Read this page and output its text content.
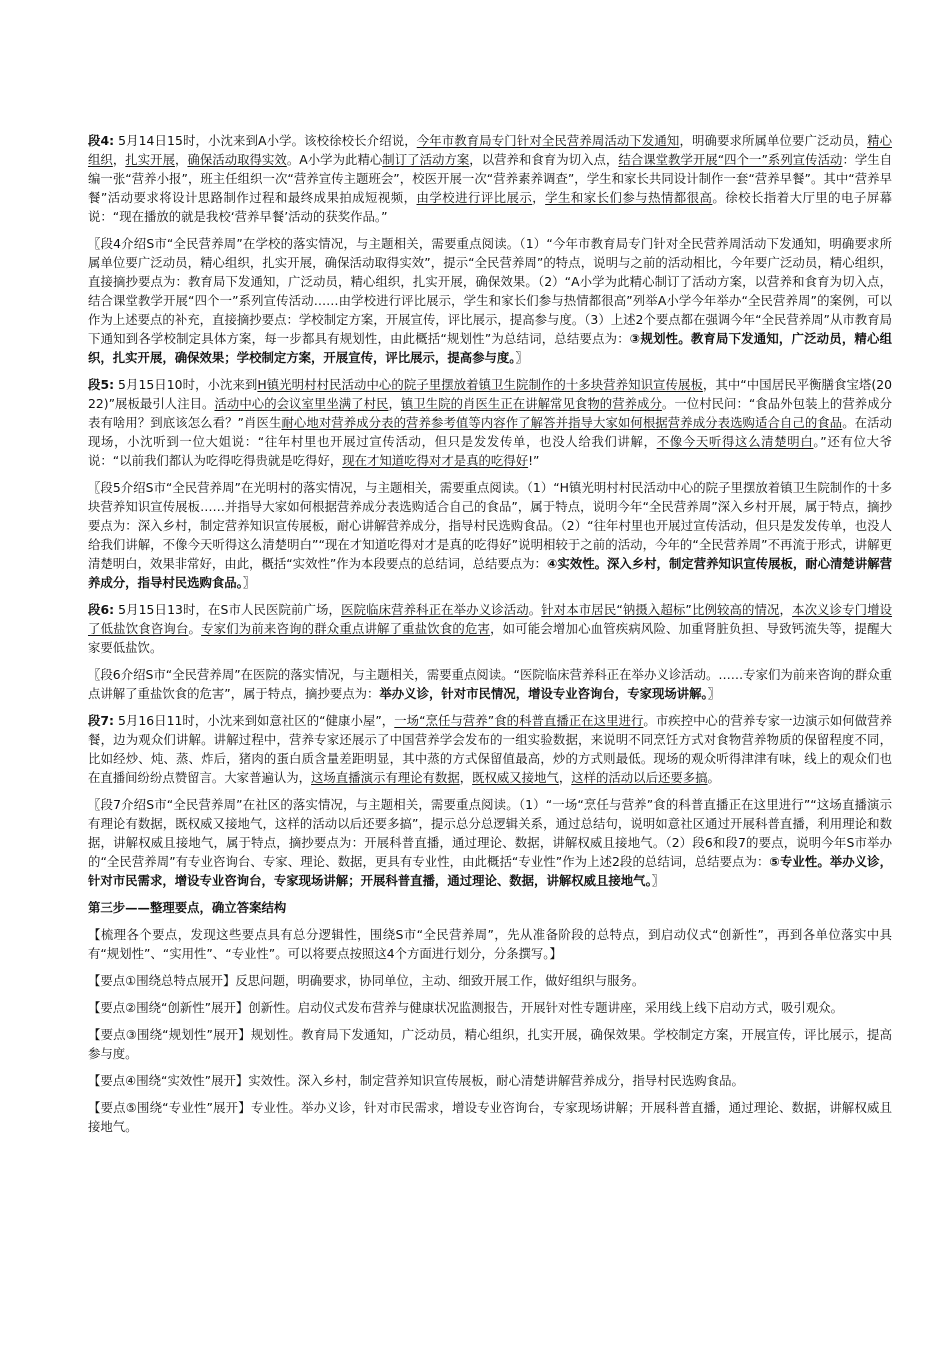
段4: 5月14日15时，小沈来到A小学。该校徐校长介绍说，今年市教育局专门针对全民营养周活动下发通知，明确要求所属单位要广泛动员，精心组织，扎实开展，确保活动取得实效。A小学为此精心制订了活动方案，以营养和食育为切入点，结合课堂教学开展“四个一”系列宣传活动：学生自编一张“营养小报”，班主任组织一次“营养宣传主题班会”，校医开展一次“营养素养调查”，学生和家长共同设计制作一套“营养早餐”。其中“营养早餐”活动要求将设计思路制作过程和最终成果拍成短视频，由学校进行评比展示，学生和家长们参与热情都很高。徐校长指着大厅里的电子屏幕说：“现在播放的就是我校‘营养早餐’活动的获奖作品。”

〖段4介绍S市“全民营养周”在学校的落实情况，与主题相关，需要重点阅读。（1）“今年市教育局专门针对全民营养周活动下发通知，明确要求所属单位要广泛动员，精心组织，扎实开展，确保活动取得实效”，提示“全民营养周”的特点，说明与之前的活动相比，今年要广泛动员，精心组织，直接摘抄要点为：教育局下发通知，广泛动员，精心组织，扎实开展，确保效果。（2）“A小学为此精心制订了活动方案，以营养和食育为切入点，结合课堂教学开展“四个一”系列宣传活动……由学校进行评比展示，学生和家长们参与热情都很高”列举A小学今年举办“全民营养周”的案例，可以作为上述要点的补充，直接摘抄要点：学校制定方案，开展宣传，评比展示，提高参与度。（3）上述2个要点都在强调今年“全民营养周”从市教育局下通知到各学校制定具体方案，每一步都具有规划性，由此概括“规划性”为总结词，总结要点为：③规划性。教育局下发通知，广泛动员，精心组织，扎实开展，确保效果；学校制定方案，开展宣传，评比展示，提高参与度。〗

段5: 5月15日10时，小沈来到H镇光明村村民活动中心的院子里摆放着镇卫生院制作的十多块营养知识宣传展板，其中“中国居民平衡膳食宝塔(2022)”展板最引人注目。活动中心的会议室里坐满了村民，镇卫生院的肖医生正在讲解常见食物的营养成分。一位村民问：“食品外包装上的营养成分表有啥用？到底该怎么看？”肖医生耐心地对营养成分表的营养参考值等内容作了解答并指导大家如何根据营养成分表选购适合自己的食品。在活动现场，小沈听到一位大姐说：“往年村里也开展过宣传活动，但只是发发传单，也没人给我们讲解，不像今天听得这么清楚明白。”还有位大爷说：“以前我们都认为吃得吃得贵就是吃得好，现在才知道吃得对才是真的吃得好!”

〖段5介绍S市“全民营养周”在光明村的落实情况，与主题相关，需要重点阅读。（1）“H镇光明村村民活动中心的院子里摆放着镇卫生院制作的十多块营养知识宣传展板……并指导大家如何根据营养成分表选购适合自己的食品”，属于特点，说明今年“全民营养周”深入乡村开展，属于特点，摘抄要点为：深入乡村，制定营养知识宣传展板，耐心讲解营养成分，指导村民选购食品。（2）“往年村里也开展过宣传活动，但只是发发传单，也没人给我们讲解，不像今天听得这么清楚明白”“现在才知道吃得对才是真的吃得好”说明相较于之前的活动，今年的“全民营养周”不再流于形式，讲解更清楚明白，效果非常好，由此，概括“实效性”作为本段要点的总结词，总结要点为：④实效性。深入乡村，制定营养知识宣传展板，耐心清楚讲解营养成分，指导村民选购食品。〗

段6: 5月15日13时，在S市人民医院前广场，医院临床营养科正在举办义诊活动。针对本市居民“钠摄入超标”比例较高的情况，本次义诊专门增设了低盐饮食咨询台。专家们为前来咨询的群众重点讲解了重盐饮食的危害，如可能会增加心血管疾病风险、加重肾脏负担、导致钙流失等，提醒大家要低盐饮。

〖段6介绍S市“全民营养周”在医院的落实情况，与主题相关，需要重点阅读。“医院临床营养科正在举办义诊活动。……专家们为前来咨询的群众重点讲解了重盐饮食的危害”，属于特点，摘抄要点为：举办义诊，针对市民情况，增设专业咨询台，专家现场讲解。〗

段7: 5月16日11时，小沈来到如意社区的“健康小屋”，一场“烹任与营养”食的科普直播正在这里进行。市疾控中心的营养专家一边演示如何做营养餐，边为观众们讲解。讲解过程中，营养专家还展示了中国营养学会发布的一组实验数据，来说明不同烹饪方式对食物营养物质的保留程度不同，比如经炒、炖、蒸、炸后，猪肉的蛋白质含量差距明显，其中蒸的方式保留值最高，炒的方式则最低。现场的观众听得津津有味，线上的观众们也在直播间纷纷点赞留言。大家普遍认为，这场直播演示有理论有数据，既权威又接地气，这样的活动以后还要多搞。

〖段7介绍S市“全民营养周”在社区的落实情况，与主题相关，需要重点阅读。（1）“一场“烹任与营养”食的科普直播正在这里进行”“这场直播演示有理论有数据，既权威又接地气，这样的活动以后还要多搞”，提示总分总逻辑关系，通过总结句，说明如意社区通过开展科普直播，利用理论和数据，讲解权威且接地气，属于特点，摘抄要点为：开展科普直播，通过理论、数据，讲解权威且接地气。（2）段6和段7的要点，说明今年S市举办的“全民营养周”有专业咨询台、专家、理论、数据，更具有专业性，由此概括“专业性”作为上述2段的总结词，总结要点为：⑤专业性。举办义诊，针对市民需求，增设专业咨询台，专家现场讲解；开展科普直播，通过理论、数据，讲解权威且接地气。〗

第三步——整理要点，确立答案结构

【梳理各个要点，发现这些要点具有总分逻辑性，围绕S市“全民营养周”，先从准备阶段的总特点，到启动仪式“创新性”，再到各单位落实中具有“规划性”、“实用性”、“专业性”。可以将要点按照这4个方面进行划分，分条撰写。】

【要点①围绕总特点展开】反思问题，明确要求，协同单位，主动、细致开展工作，做好组织与服务。

【要点②围绕“创新性”展开】创新性。启动仪式发布营养与健康状况监测报告，开展针对性专题讲座，采用线上线下启动方式，吸引观众。

【要点③围绕“规划性”展开】规划性。教育局下发通知，广泛动员，精心组织，扎实开展，确保效果。学校制定方案，开展宣传，评比展示，提高参与度。

【要点④围绕“实效性”展开】实效性。深入乡村，制定营养知识宣传展板，耐心清楚讲解营养成分，指导村民选购食品。

【要点⑤围绕“专业性”展开】专业性。举办义诊，针对市民需求，增设专业咨询台，专家现场讲解；开展科普直播，通过理论、数据，讲解权威且接地气。
